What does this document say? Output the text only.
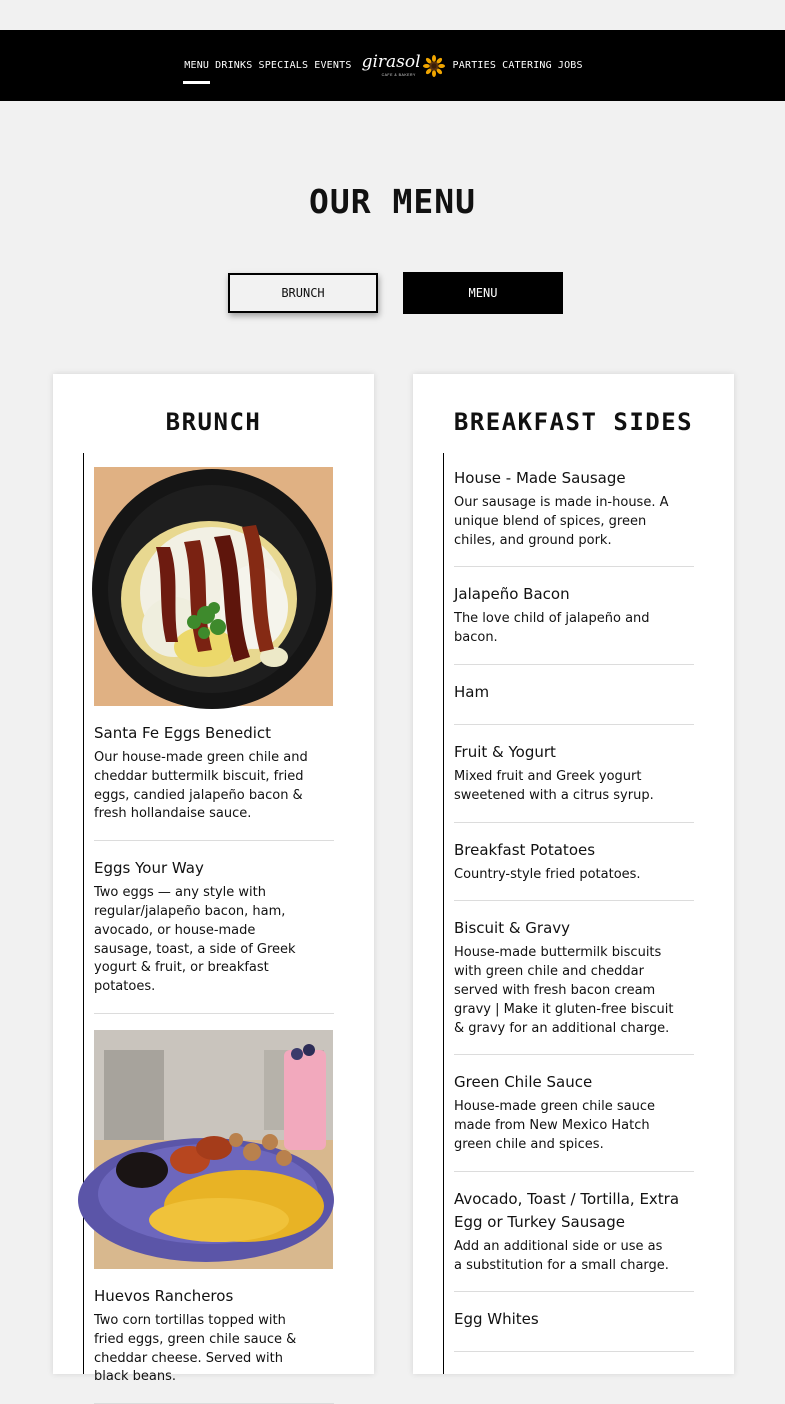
MENU DRINKS SPECIALS EVENTS girasol
CAFE & BAKERY
PARTIES CATERING JOBS
OUR MENU
BRUNCH	MENU
BRUNCH
Santa Fe Eggs Benedict
Our house-made green chile and cheddar buttermilk biscuit, fried eggs, candied jalapeño bacon & fresh hollandaise sauce.
Eggs Your Way
Two eggs — any style with regular/jalapeño bacon, ham, avocado, or house-made sausage, toast, a side of Greek yogurt & fruit, or breakfast potatoes.
Huevos Rancheros
Two corn tortillas topped with fried eggs, green chile sauce & cheddar cheese. Served with black beans.
BREAKFAST SIDES
House - Made Sausage
Our sausage is made in-house. A unique blend of spices, green chiles, and ground pork.
Jalapeño Bacon
The love child of jalapeño and bacon.
Ham
Fruit & Yogurt
Mixed fruit and Greek yogurt sweetened with a citrus syrup.
Breakfast Potatoes
Country-style fried potatoes.
Biscuit & Gravy
House-made buttermilk biscuits with green chile and cheddar served with fresh bacon cream gravy | Make it gluten-free biscuit & gravy for an additional charge.
Green Chile Sauce
House-made green chile sauce made from New Mexico Hatch green chile and spices.
Avocado, Toast / Tortilla, Extra Egg or Turkey Sausage
Add an additional side or use as a substitution for a small charge.
Egg Whites
